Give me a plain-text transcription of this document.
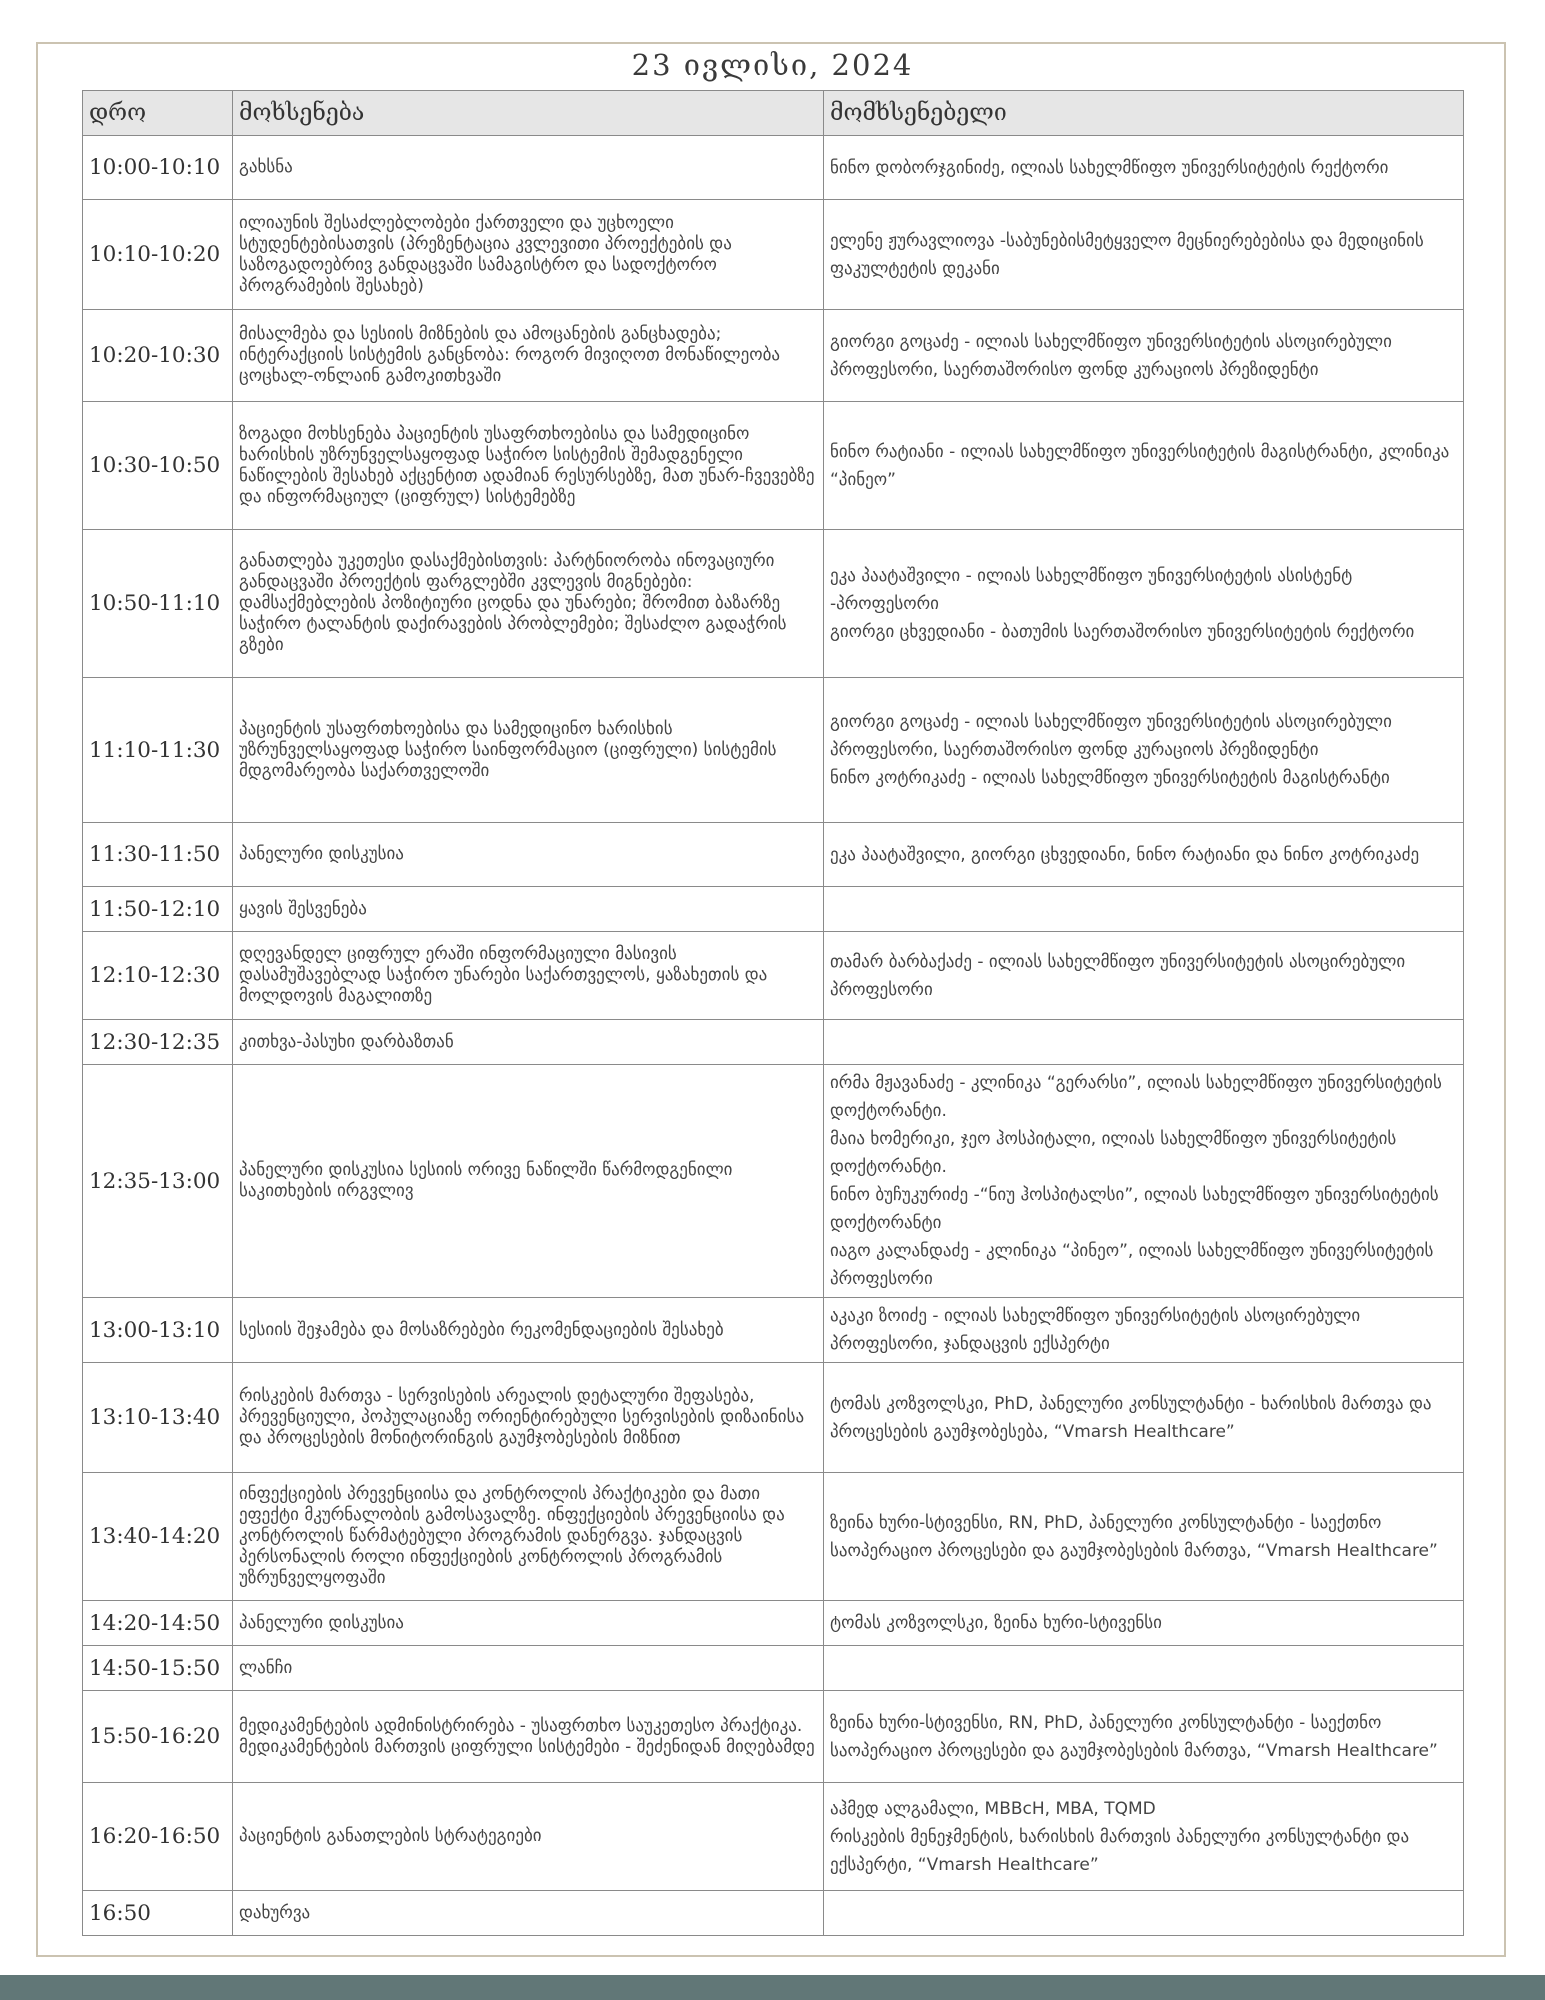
23 ივლისი, 2024
დრო	მოხსენება	მომხსენებელი
10:00-10:10	გახსნა	ნინო დობორჯგინიძე, ილიას სახელმწიფო უნივერსიტეტის რექტორი

10:10-10:20	ილიაუნის შესაძლებლობები ქართველი და უცხოელი სტუდენტებისათვის (პრეზენტაცია კვლევითი პროექტების და საზოგადოებრივ განდაცვაში სამაგისტრო და სადოქტორო პროგრამების შესახებ)	ელენე ჟურავლიოვა -საბუნებისმეტყველო მეცნიერებებისა და მედიცინის ფაკულტეტის დეკანი

10:20-10:30	მისალმება და სესიის მიზნების და ამოცანების განცხადება; ინტერაქციის სისტემის განცნობა: როგორ მივიღოთ მონაწილეობა ცოცხალ-ონლაინ გამოკითხვაში	გიორგი გოცაძე - ილიას სახელმწიფო უნივერსიტეტის ასოცირებული პროფესორი, საერთაშორისო ფონდ კურაციოს პრეზიდენტი

10:30-10:50	ზოგადი მოხსენება პაციენტის უსაფრთხოებისა და სამედიცინო ხარისხის უზრუნველსაყოფად საჭირო სისტემის შემადგენელი ნაწილების შესახებ აქცენტით ადამიან რესურსებზე, მათ უნარ-ჩვევებზე და ინფორმაციულ (ციფრულ) სისტემებზე	ნინო რატიანი - ილიას სახელმწიფო უნივერსიტეტის მაგისტრანტი, კლინიკა “პინეო”

10:50-11:10	განათლება უკეთესი დასაქმებისთვის: პარტნიორობა ინოვაციური განდაცვაში პროექტის ფარგლებში კვლევის მიგნებები: დამსაქმებლების პოზიტიური ცოდნა და უნარები; შრომით ბაზარზე საჭირო ტალანტის დაქირავების პრობლემები; შესაძლო გადაჭრის გზები	ეკა პაატაშვილი - ილიას სახელმწიფო უნივერსიტეტის ასისტენტ -პროფესორი
გიორგი ცხვედიანი - ბათუმის საერთაშორისო უნივერსიტეტის რექტორი

11:10-11:30	პაციენტის უსაფრთხოებისა და სამედიცინო ხარისხის უზრუნველსაყოფად საჭირო საინფორმაციო (ციფრული) სისტემის მდგომარეობა საქართველოში	გიორგი გოცაძე - ილიას სახელმწიფო უნივერსიტეტის ასოცირებული პროფესორი, საერთაშორისო ფონდ კურაციოს პრეზიდენტი
ნინო კოტრიკაძე - ილიას სახელმწიფო უნივერსიტეტის მაგისტრანტი

11:30-11:50	პანელური დისკუსია	ეკა პაატაშვილი, გიორგი ცხვედიანი, ნინო რატიანი და ნინო კოტრიკაძე

11:50-12:10	ყავის შესვენება	
12:10-12:30	დღევანდელ ციფრულ ერაში ინფორმაციული მასივის დასამუშავებლად საჭირო უნარები საქართველოს, ყაზახეთის და მოლდოვის მაგალითზე	თამარ ბარბაქაძე - ილიას სახელმწიფო უნივერსიტეტის ასოცირებული პროფესორი

12:30-12:35	კითხვა-პასუხი დარბაზთან	
12:35-13:00	პანელური დისკუსია სესიის ორივე ნაწილში წარმოდგენილი საკითხების ირგვლივ	ირმა მჟავანაძე - კლინიკა “გერარსი”, ილიას სახელმწიფო უნივერსიტეტის დოქტორანტი.
მაია ხომერიკი, ჯეო ჰოსპიტალი, ილიას სახელმწიფო უნივერსიტეტის დოქტორანტი.
ნინო ბუჩუკურიძე -“ნიუ ჰოსპიტალსი”, ილიას სახელმწიფო უნივერსიტეტის დოქტორანტი
იაგო კალანდაძე - კლინიკა “პინეო”, ილიას სახელმწიფო უნივერსიტეტის პროფესორი

13:00-13:10	სესიის შეჯამება და მოსაზრებები რეკომენდაციების შესახებ	აკაკი ზოიძე - ილიას სახელმწიფო უნივერსიტეტის ასოცირებული პროფესორი, ჯანდაცვის ექსპერტი

13:10-13:40	რისკების მართვა - სერვისების არეალის დეტალური შეფასება, პრევენციული, პოპულაციაზე ორიენტირებული სერვისების დიზაინისა და პროცესების მონიტორინგის გაუმჯობესების მიზნით	ტომას კოზვოლსკი, PhD, პანელური კონსულტანტი - ხარისხის მართვა და პროცესების გაუმჯობესება, “Vmarsh Healthcare”

13:40-14:20	ინფექციების პრევენციისა და კონტროლის პრაქტიკები და მათი ეფექტი მკურნალობის გამოსავალზე. ინფექციების პრევენციისა და კონტროლის წარმატებული პროგრამის დანერგვა. ჯანდაცვის პერსონალის როლი ინფექციების კონტროლის პროგრამის უზრუნველყოფაში	ზეინა ხური-სტივენსი, RN, PhD, პანელური კონსულტანტი - საექთნო საოპერაციო პროცესები და გაუმჯობესების მართვა, “Vmarsh Healthcare”

14:20-14:50	პანელური დისკუსია	ტომას კოზვოლსკი, ზეინა ხური-სტივენსი

14:50-15:50	ლანჩი	
15:50-16:20	მედიკამენტების ადმინისტრირება - უსაფრთხო საუკეთესო პრაქტიკა. მედიკამენტების მართვის ციფრული სისტემები - შეძენიდან მიღებამდე	ზეინა ხური-სტივენსი, RN, PhD, პანელური კონსულტანტი - საექთნო საოპერაციო პროცესები და გაუმჯობესების მართვა, “Vmarsh Healthcare”

16:20-16:50	პაციენტის განათლების სტრატეგიები	აჰმედ ალგამალი, MBBcH, MBA, TQMD
რისკების მენეჯმენტის, ხარისხის მართვის პანელური კონსულტანტი და ექსპერტი, “Vmarsh Healthcare”

16:50	დახურვა	
